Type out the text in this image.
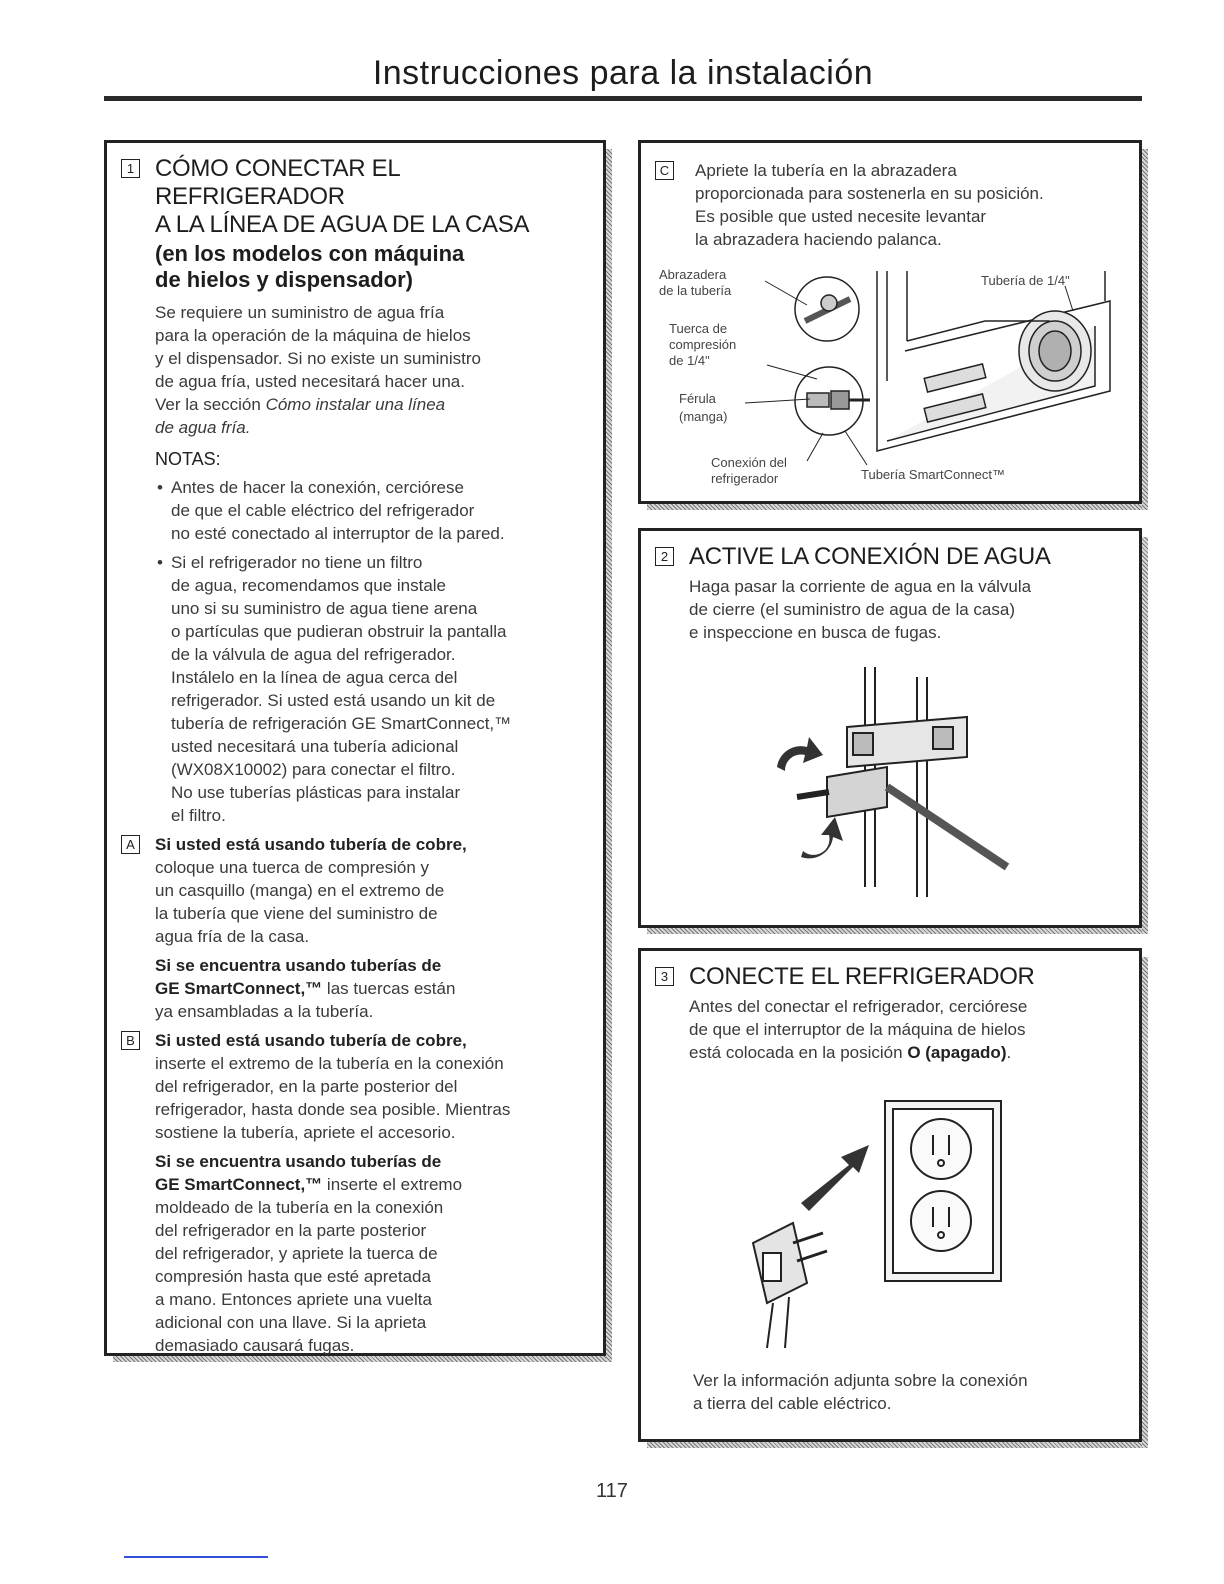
Instrucciones para la instalación
1 CÓMO CONECTAR EL REFRIGERADOR
A LA LÍNEA DE AGUA DE LA CASA
(en los modelos con máquina
de hielos y dispensador)

Se requiere un suministro de agua fría

para la operación de la máquina de hielos

y el dispensador. Si no existe un suministro

de agua fría, usted necesitará hacer una.

Ver la sección Cómo instalar una línea

de agua fría.

NOTAS:

• Antes de hacer la conexión, cerciórese

de que el cable eléctrico del refrigerador

no esté conectado al interruptor de la pared.

• Si el refrigerador no tiene un filtro

de agua, recomendamos que instale

uno si su suministro de agua tiene arena

o partículas que pudieran obstruir la pantalla

de la válvula de agua del refrigerador.

Instálelo en la línea de agua cerca del

refrigerador. Si usted está usando un kit de

tubería de refrigeración GE SmartConnect,™

usted necesitará una tubería adicional

(WX08X10002) para conectar el filtro.

No use tuberías plásticas para instalar

el filtro.

A	Si usted está usando tubería de cobre,

coloque una tuerca de compresión y

un casquillo (manga) en el extremo de

la tubería que viene del suministro de

agua fría de la casa.

Si se encuentra usando tuberías de

GE SmartConnect,™ las tuercas están

ya ensambladas a la tubería.

B	Si usted está usando tubería de cobre,

inserte el extremo de la tubería en la conexión

del refrigerador, en la parte posterior del

refrigerador, hasta donde sea posible. Mientras

sostiene la tubería, apriete el accesorio.

Si se encuentra usando tuberías de

GE SmartConnect,™ inserte el extremo

moldeado de la tubería en la conexión

del refrigerador en la parte posterior

del refrigerador, y apriete la tuerca de

compresión hasta que esté apretada

a mano. Entonces apriete una vuelta

adicional con una llave. Si la aprieta

demasiado causará fugas.

C Apriete la tubería en la abrazadera

proporcionada para sostenerla en su posición.

Es posible que usted necesite levantar

la abrazadera haciendo palanca.

Abrazadera
de la tubería
Tuerca de
compresión
de 1/4"
Férula
(manga)
Conexión del
refrigerador
Tubería de 1/4"
Tubería SmartConnect™
2 ACTIVE LA CONEXIÓN DE AGUA

Haga pasar la corriente de agua en la válvula

de cierre (el suministro de agua de la casa)

e inspeccione en busca de fugas.

3 CONECTE EL REFRIGERADOR

Antes del conectar el refrigerador, cerciórese

de que el interruptor de la máquina de hielos

está colocada en la posición O (apagado).

Ver la información adjunta sobre la conexión

a tierra del cable eléctrico.

117
